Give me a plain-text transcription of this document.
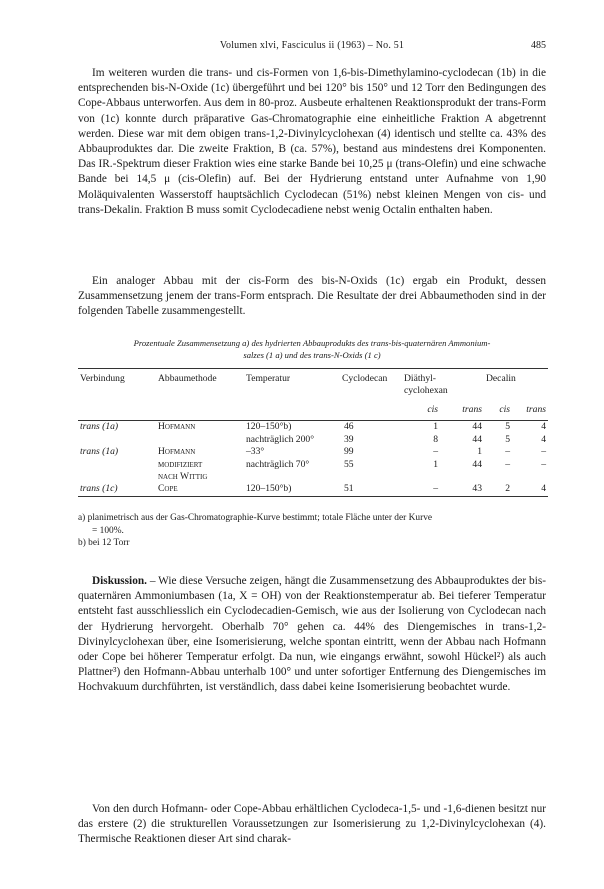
Volumen xlvi, Fasciculus ii (1963) – No. 51	485

Im weiteren wurden die trans- und cis-Formen von 1,6-bis-Dimethylamino-cyclodecan (1b) in die entsprechenden bis-N-Oxide (1c) übergeführt und bei 120° bis 150° und 12 Torr den Bedingungen des Cope-Abbaus unterworfen. Aus dem in 80-proz. Ausbeute erhaltenen Reaktionsprodukt der trans-Form von (1c) konnte durch präparative Gas-Chromatographie eine einheitliche Fraktion A abgetrennt werden. Diese war mit dem obigen trans-1,2-Divinylcyclohexan (4) identisch und stellte ca. 43% des Abbauproduktes dar. Die zweite Fraktion, B (ca. 57%), bestand aus mindestens drei Komponenten. Das IR.-Spektrum dieser Fraktion wies eine starke Bande bei 10,25 μ (trans-Olefin) und eine schwache Bande bei 14,5 μ (cis-Olefin) auf. Bei der Hydrierung entstand unter Aufnahme von 1,90 Moläquivalenten Wasserstoff hauptsächlich Cyclodecan (51%) nebst kleinen Mengen von cis- und trans-Dekalin. Fraktion B muss somit Cyclodecadiene nebst wenig Octalin enthalten haben.

Ein analoger Abbau mit der cis-Form des bis-N-Oxids (1c) ergab ein Produkt, dessen Zusammensetzung jenem der trans-Form entsprach. Die Resultate der drei Abbaumethoden sind in der folgenden Tabelle zusammengestellt.

Prozentuale Zusammensetzung a) des hydrierten Abbauprodukts des trans-bis-quaternären Ammonium-
salzes (1 a) und des trans-N-Oxids (1 c)

Verbindung	Abbaumethode	Temperatur	Cyclodecan	Diäthyl-
cyclohexan		Decalin	
				cis	trans	cis	trans

trans (1a)	Hofmann	120–150°b)	46	1	44	5	4
		nachträglich 200°	39	8	44	5	4
trans (1a)	Hofmann	–33°	99	–	1	–	–
	modifiziert	nachträglich 70°	55	1	44	–	–
	nach Wittig						
trans (1c)	Cope	120–150°b)	51	–	43	2	4

a) planimetrisch aus der Gas-Chromatographie-Kurve bestimmt; totale Fläche unter der Kurve
= 100%.
b) bei 12 Torr

Diskussion. – Wie diese Versuche zeigen, hängt die Zusammensetzung des Abbauproduktes der bis-quaternären Ammoniumbasen (1a, X = OH) von der Reaktionstemperatur ab. Bei tieferer Temperatur entsteht fast ausschliesslich ein Cyclodecadien-Gemisch, wie aus der Isolierung von Cyclodecan nach der Hydrierung hervorgeht. Oberhalb 70° gehen ca. 44% des Diengemisches in trans-1,2-Divinylcyclohexan über, eine Isomerisierung, welche spontan eintritt, wenn der Abbau nach Hofmann oder Cope bei höherer Temperatur erfolgt. Da nun, wie eingangs erwähnt, sowohl Hückel²) als auch Plattner³) den Hofmann-Abbau unterhalb 100° und unter sofortiger Entfernung des Diengemisches im Hochvakuum durchführten, ist verständlich, dass dabei keine Isomerisierung beobachtet wurde.

Von den durch Hofmann- oder Cope-Abbau erhältlichen Cyclodeca-1,5- und -1,6-dienen besitzt nur das erstere (2) die strukturellen Voraussetzungen zur Isomerisierung zu 1,2-Divinylcyclohexan (4). Thermische Reaktionen dieser Art sind charak-
